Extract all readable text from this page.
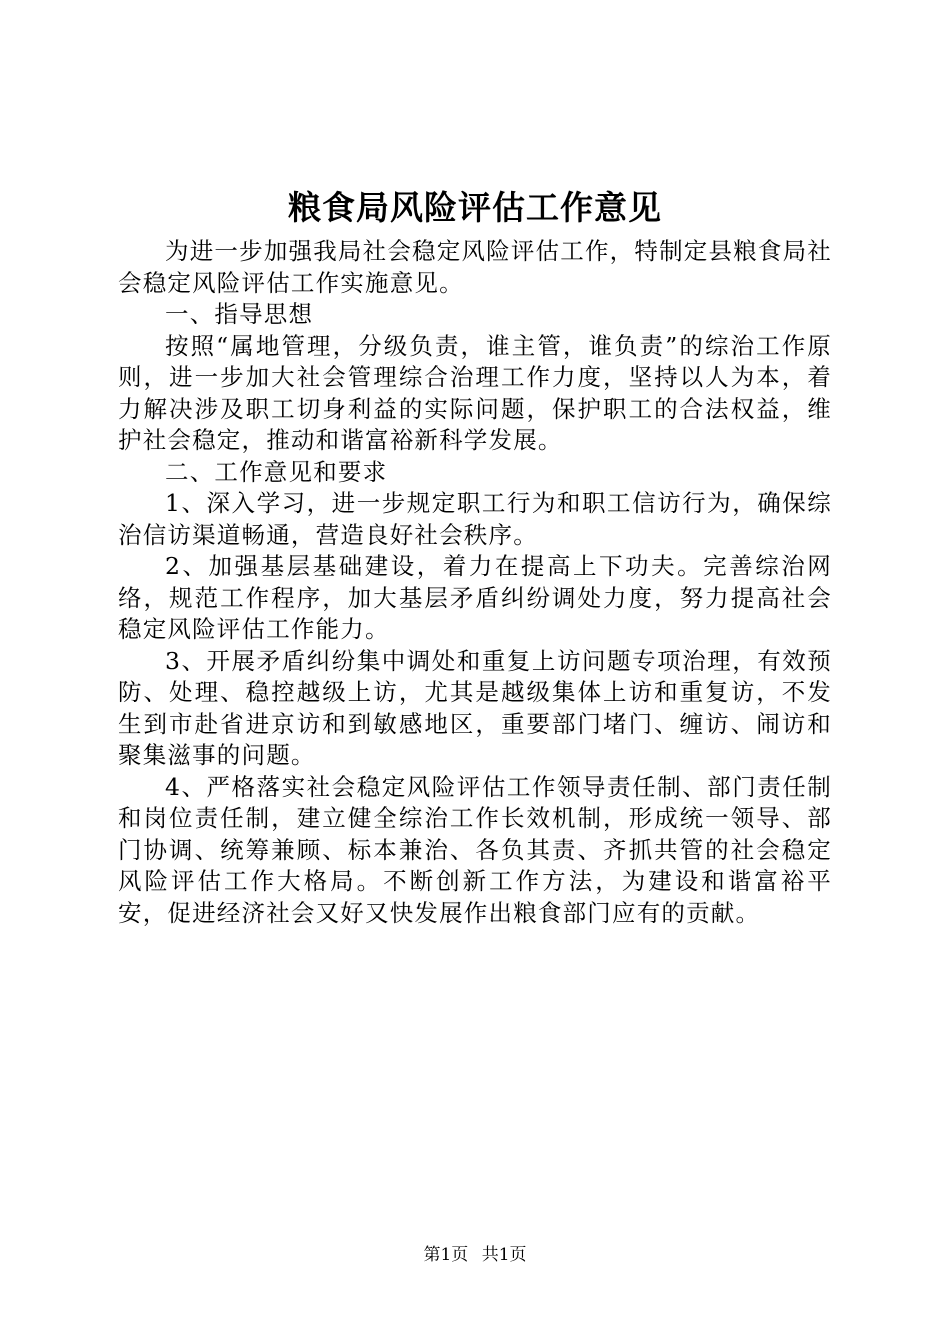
粮食局风险评估工作意见

为进一步加强我局社会稳定风险评估工作，特制定县粮食局社会稳定风险评估工作实施意见。

一、指导思想

按照“属地管理，分级负责，谁主管，谁负责”的综治工作原则，进一步加大社会管理综合治理工作力度，坚持以人为本，着力解决涉及职工切身利益的实际问题，保护职工的合法权益，维护社会稳定，推动和谐富裕新科学发展。

二、工作意见和要求

1、深入学习，进一步规定职工行为和职工信访行为，确保综治信访渠道畅通，营造良好社会秩序。

2、加强基层基础建设，着力在提高上下功夫。完善综治网络，规范工作程序，加大基层矛盾纠纷调处力度，努力提高社会稳定风险评估工作能力。

3、开展矛盾纠纷集中调处和重复上访问题专项治理，有效预防、处理、稳控越级上访，尤其是越级集体上访和重复访，不发生到市赴省进京访和到敏感地区，重要部门堵门、缠访、闹访和聚集滋事的问题。

4、严格落实社会稳定风险评估工作领导责任制、部门责任制和岗位责任制，建立健全综治工作长效机制，形成统一领导、部门协调、统筹兼顾、标本兼治、各负其责、齐抓共管的社会稳定风险评估工作大格局。不断创新工作方法，为建设和谐富裕平安，促进经济社会又好又快发展作出粮食部门应有的贡献。

第1页 共1页
